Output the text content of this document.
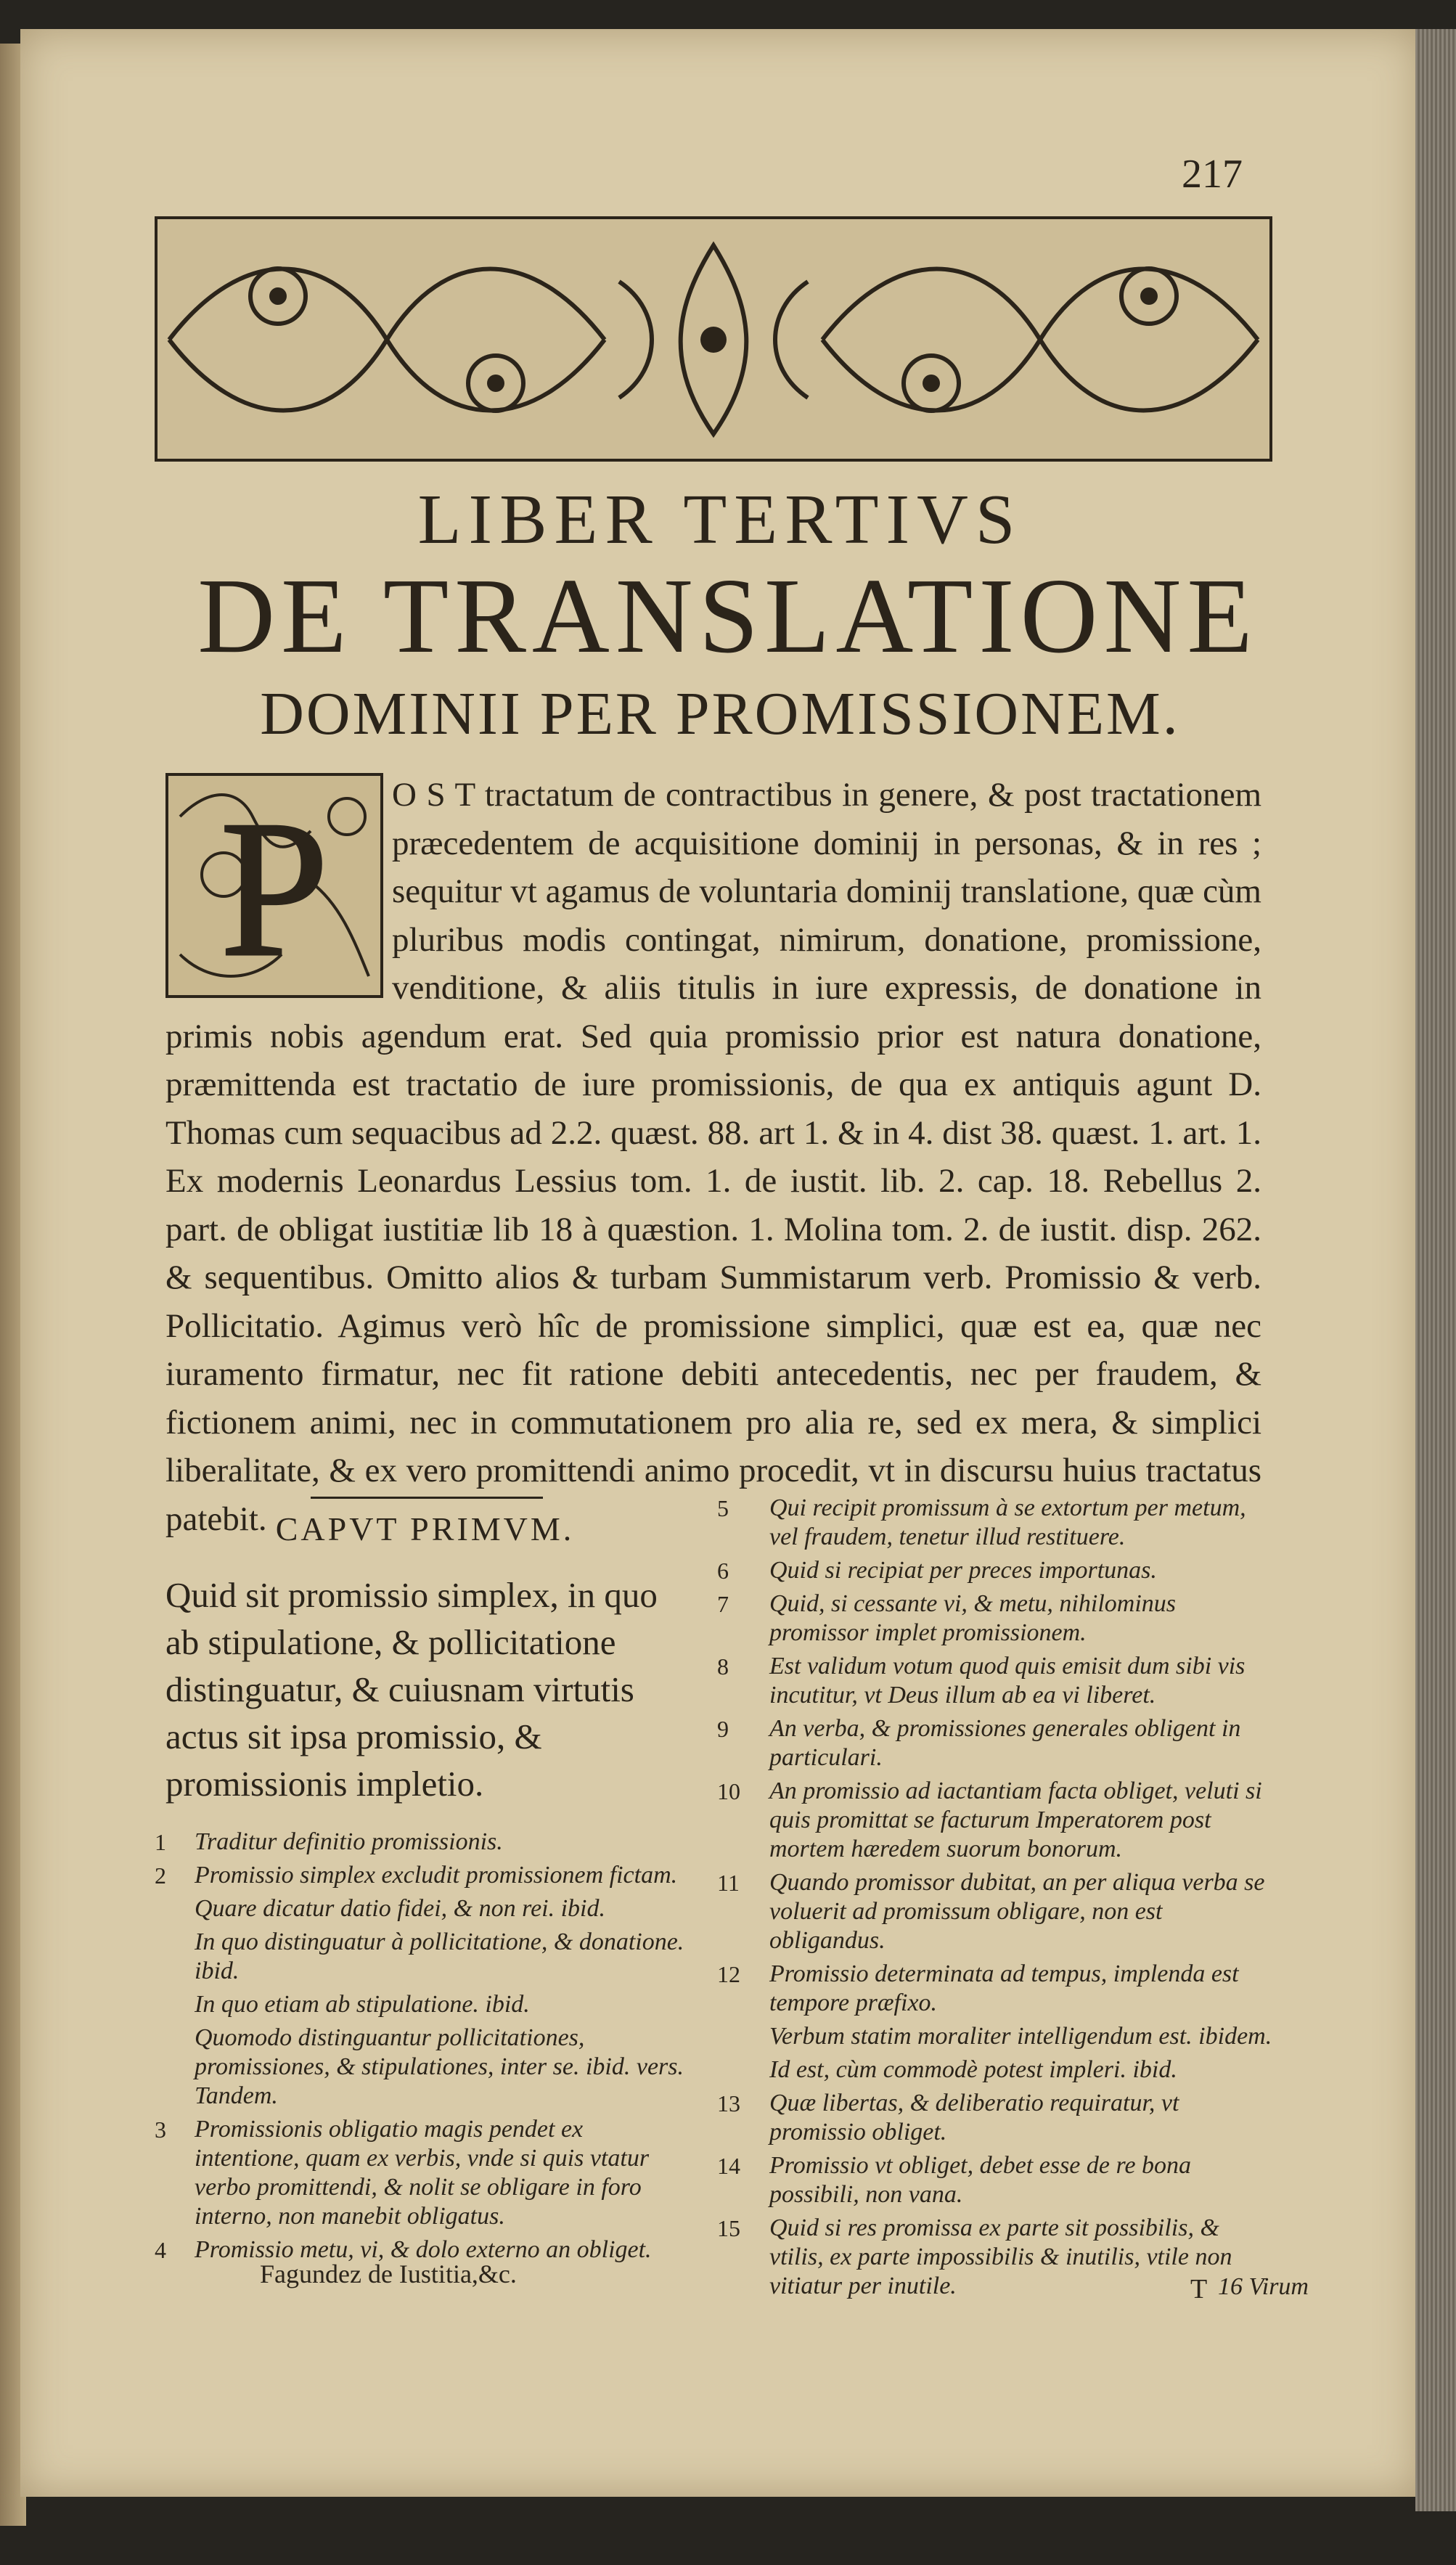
217
LIBER TERTIVS
DE TRANSLATIONE
DOMINII PER PROMISSIONEM.

O S T tractatum de contractibus in genere, & post tractationem præcedentem de acquisitione dominij in personas, & in res ; sequitur vt agamus de voluntaria dominij translatione, quæ cùm pluribus modis contingat, nimirum, donatione, promissione, venditione, & aliis titulis in iure expressis, de donatione in primis nobis agendum erat. Sed quia promissio prior est natura donatione, præmittenda est tractatio de iure promissionis, de qua ex antiquis agunt D. Thomas cum sequacibus ad 2.2. quæst. 88. art 1. & in 4. dist 38. quæst. 1. art. 1. Ex modernis Leonardus Lessius tom. 1. de iustit. lib. 2. cap. 18. Rebellus 2. part. de obligat iustitiæ lib 18 à quæstion. 1. Molina tom. 2. de iustit. disp. 262. & sequentibus. Omitto alios & turbam Summistarum verb. Promissio & verb. Pollicitatio. Agimus verò hîc de promissione simplici, quæ est ea, quæ nec iuramento firmatur, nec fit ratione debiti antecedentis, nec per fraudem, & fictionem animi, nec in commutationem pro alia re, sed ex mera, & simplici liberalitate, & ex vero promittendi animo procedit, vt in discursu huius tractatus patebit.

P
CAPVT PRIMVM.
Quid sit promissio simplex, in quo ab stipulatione, & pollicitatione distinguatur, & cuiusnam virtutis actus sit ipsa promissio, & promissionis impletio.
1 Traditur definitio promissionis.
2 Promissio simplex excludit promissionem fictam.
Quare dicatur datio fidei, & non rei. ibid.
In quo distinguatur à pollicitatione, & donatione. ibid.
In quo etiam ab stipulatione. ibid.
Quomodo distinguantur pollicitationes, promissiones, & stipulationes, inter se. ibid. vers. Tandem.
3 Promissionis obligatio magis pendet ex intentione, quam ex verbis, vnde si quis vtatur verbo promittendi, & nolit se obligare in foro interno, non manebit obligatus.
4 Promissio metu, vi, & dolo externo an obliget.
5 Qui recipit promissum à se extortum per metum, vel fraudem, tenetur illud restituere.
6 Quid si recipiat per preces importunas.
7 Quid, si cessante vi, & metu, nihilominus promissor implet promissionem.
8 Est validum votum quod quis emisit dum sibi vis incutitur, vt Deus illum ab ea vi liberet.
9 An verba, & promissiones generales obligent in particulari.
10 An promissio ad iactantiam facta obliget, veluti si quis promittat se facturum Imperatorem post mortem hæredem suorum bonorum.
11 Quando promissor dubitat, an per aliqua verba se voluerit ad promissum obligare, non est obligandus.
12 Promissio determinata ad tempus, implenda est tempore præfixo.
Verbum statim moraliter intelligendum est. ibidem.
Id est, cùm commodè potest impleri. ibid.
13 Quæ libertas, & deliberatio requiratur, vt promissio obliget.
14 Promissio vt obliget, debet esse de re bona possibili, non vana.
15 Quid si res promissa ex parte sit possibilis, & vtilis, ex parte impossibilis & inutilis, vtile non vitiatur per inutile.
Fagundez de Iustitia,&c.	T 16 Virum
